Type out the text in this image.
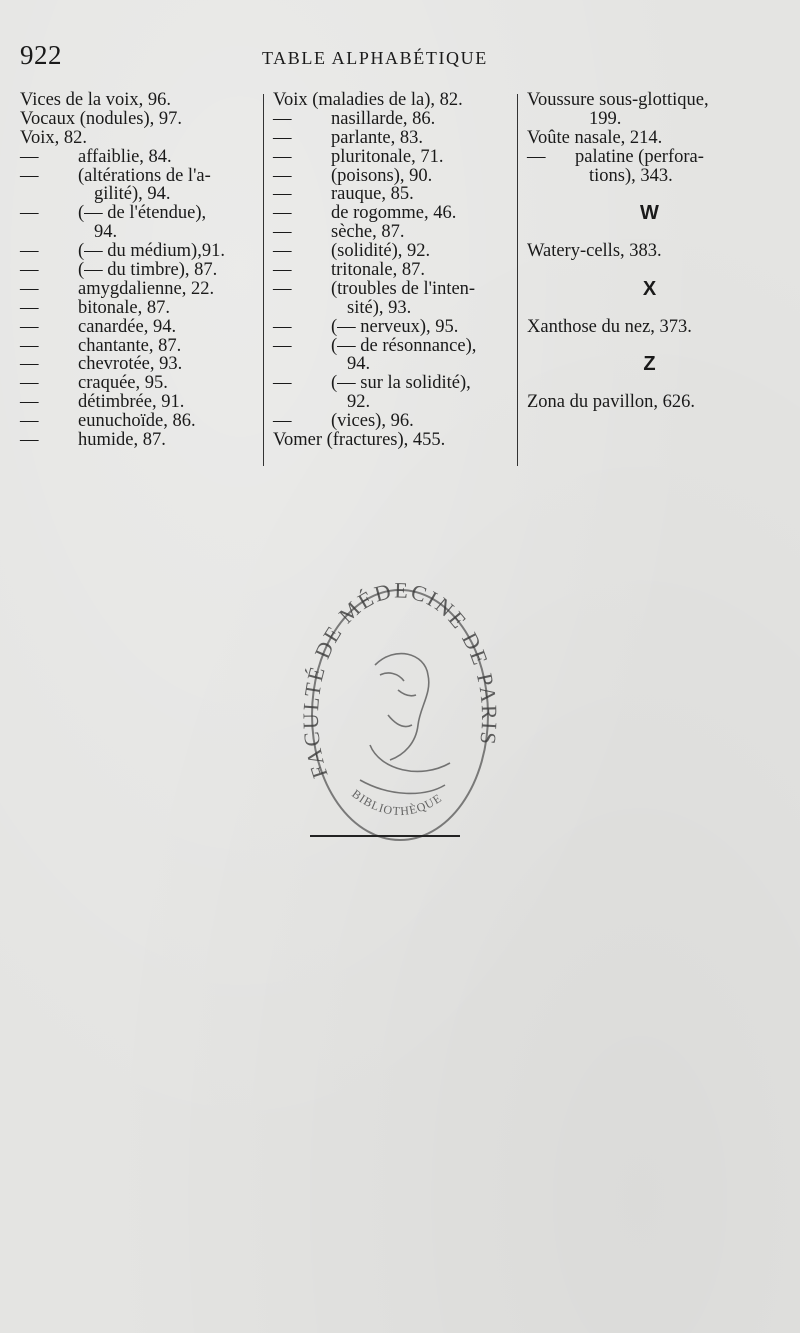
922	TABLE ALPHABÉTIQUE
Vices de la voix, 96.
Vocaux (nodules), 97.
Voix, 82.
— affaiblie, 84.
— (altérations de l'a-
gilité), 94.
— (— de l'étendue),
94.
— (— du médium),91.
— (— du timbre), 87.
— amygdalienne, 22.
— bitonale, 87.
— canardée, 94.
— chantante, 87.
— chevrotée, 93.
— craquée, 95.
— détimbrée, 91.
— eunuchoïde, 86.
— humide, 87.
Voix (maladies de la), 82.
— nasillarde, 86.
— parlante, 83.
— pluritonale, 71.
— (poisons), 90.
— rauque, 85.
— de rogomme, 46.
— sèche, 87.
— (solidité), 92.
— tritonale, 87.
— (troubles de l'inten-
sité), 93.
— (— nerveux), 95.
— (— de résonnance),
94.
— (— sur la solidité),
92.
— (vices), 96.
Vomer (fractures), 455.
Voussure sous-glottique,
199.
Voûte nasale, 214.
— palatine (perfora-
tions), 343.
W
Watery-cells, 383.
X
Xanthose du nez, 373.
Z
Zona du pavillon, 626.
FACULTÉ DE MÉDECINE DE PARIS
BIBLIOTHÈQUE
